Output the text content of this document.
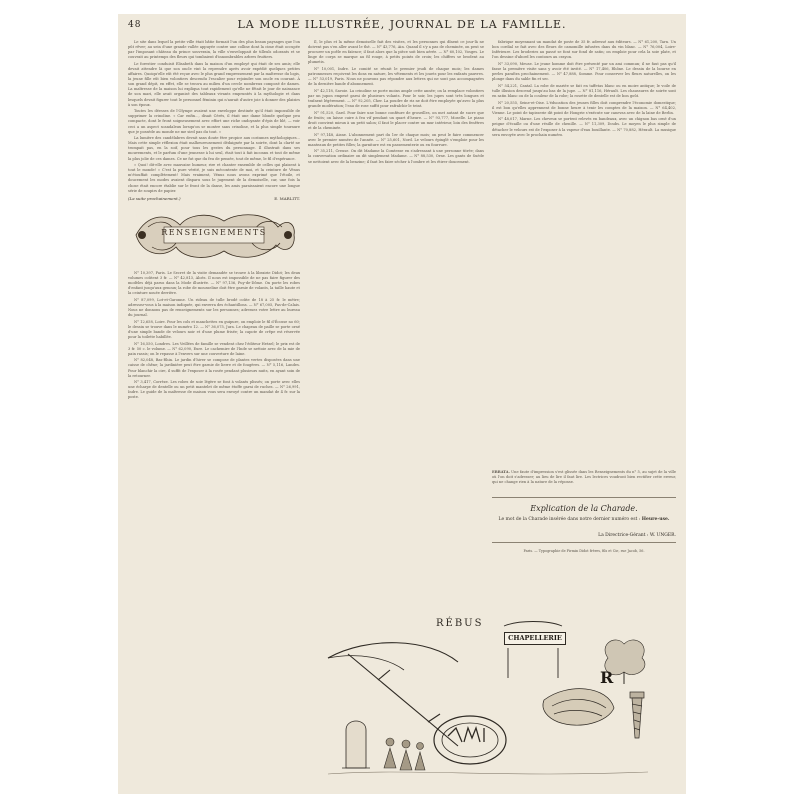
48	LA MODE ILLUSTRÉE, JOURNAL DE LA FAMILLE.

Le site dans lequel la petite ville était bâtie formait l'un des plus beaux paysages que l'on pût rêver; au sein d'une grande vallée appuyée contre une colline dont la cime était occupée par l'imposant château du prince souverain, la ville s'enveloppait de tilleuls odorants et se couvrait au printemps des fleurs qui tombaient d'innombrables arbres fruitiers.

Le forestier conduisit Elisabeth dans la maison d'un employé qui était de ses amis; elle devait attendre là que son oncle vint la reprendre après avoir expédié quelques petites affaires. Quoiqu'elle eût été reçue avec le plus grand empressement par la maîtresse du logis, la jeune fille eût bien volontiers descendu l'escalier pour rejoindre son oncle en courant. À son grand dépit, en effet, elle se trouva au milieu d'un cercle nombreux composé de dames. La maîtresse de la maison lui expliqua tout rapidement qu'elle ne fêtait le jour de naissance de son mari, elle avait organisé des tableaux vivants empruntés à la mythologie et dans lesquels devait figurer tout le personnel féminin qui n'aurait d'autre joie à donner des plaisirs à son époux.

Toutes les déesses de l'Olympe avaient une enveloppe destinée qu'il était impossible de supprimer la crinoline. « Car enfin..., disait Cérès, il était une dame blonde quelque peu compacte, dont le front soigneusement avec effort une riche ondoyante d'épis de blé, — voir ceci a un aspect scandaleux lorsqu'on se montre sans crinoline, et la plus simple tournure que je possède au monde ne me sied pas du tout. »

La lumière des candélabres devait sans doute être propice aux costumes mythologiques... Mais cette simple réflexion était malheureusement dédaignée par la soirée, dont la clarté ne trompait pas, en la soif, pour tous les gestes du personnage. Il illustrait dans ses mouvements, et le parfum d'une jeunesse à lui seul, était tout à fait inconnu et tout de même la plus jolie de ces dames. Ce ne fut que du feu de pensée, tout de même, le fil d'espérance.

« Quoi! dit-elle avec mauvaise humeur, rire et chanter ensemble de celles qui plaisent à tout le monde! » C'est la pure vérité, je suis mécontente de moi, et la ceinture de Vénus m'étouffait complètement! Mais vraiment, Vénus nous avons exprimé que l'étoile, et doucement les modes avaient disparu sous le jugement de la demoiselle, car, une fois la chose était encore établie sur le front de la danse, les amis paraissaient encore une longue série de soupirs de papier.

(La suite prochainement.)	E. MARLITT.
RENSEIGNEMENTS

N° 10,397, Paris. Le Secret de la visite demandée se trouve à la librairie Didot; les deux volumes coûtent 3 fr. — N° 42,813, Aloés. Il nous est impossible de ne pas faire figurer des modèles déjà parus dans la Mode illustrée. — N° 97,136, Puy-de-Dôme. On porte les robes d'enfant jusqu'aux genoux; la robe de mousseline doit être garnie de volants, la taille haute et la ceinture nouée derrière.

N° 87,099, Lot-et-Garonne. Un rideau de tulle brodé coûte de 18 à 25 fr. le mètre; adressez-vous à la maison indiquée, qui enverra des échantillons. — N° 67,005, Pas-de-Calais. Nous ne donnons pas de renseignements sur les personnes; adressez votre lettre au bureau du journal.

N° 12,658, Loire. Pour les cols et manchettes en guipure, on emploie le fil d'Écosse no 60; le dessin se trouve dans le numéro 12. — N° 36,075, Jura. Le chapeau de paille se porte orné d'une simple bande de velours noir et d'une plume frisée; la capote de crêpe est réservée pour la toilette habillée.

N° 16,550, Londres. Les Veillées de famille se vendent chez l'éditeur Hetzel; le prix est de 3 fr. 50 c. le volume. — N° 62,090, Eure. Le cachemire de l'Inde se nettoie avec de la mie de pain rassis; on le repasse à l'envers sur une couverture de laine.

N° 82,048, Bas-Rhin. Le jardin d'hiver se compose de plantes vertes disposées dans une caisse de chêne; la jardinière peut être garnie de lierre et de fougères. — N° 5,116, Landes. Pour blanchir la cire, il suffit de l'exposer à la rosée pendant plusieurs nuits, en ayant soin de la retourner.

N° 3,417, Corrèze. Les robes de soie légère se font à volants plissés; on porte avec elles une écharpe de dentelle ou un petit mantelet de même étoffe garni de ruches. — N° 26,991, Indre. Le guide de la maîtresse de maison vous sera envoyé contre un mandat de 4 fr. sur la poste.

Il, le plus et la même demoiselle fait des visites, et les personnes qui dînent ce jour-là ne doivent pas s'en aller avant le thé. — N° 43,776, Ain. Quand il s'y a pas de cheminée, on peut se procurer un poêle en faïence; il faut alors que la pièce soit bien aérée. — N° 60,102, Vosges. Le linge de corps se marque au fil rouge, à petits points de croix; les chiffres se brodent au plumetis.

N° 10,001, Indre. Le comité se réunit le premier jeudi de chaque mois; les dames patronnesses reçoivent les dons en nature, les vêtements et les jouets pour les enfants pauvres. — N° 53,019, Paris. Nous ne pouvons pas répondre aux lettres qui ne sont pas accompagnées de la dernière bande d'abonnement.

N° 42,118, Savoie. La crinoline se porte moins ample cette année; on la remplace volontiers par un jupon empesé garni de plusieurs volants. Pour le soir, les jupes sont très longues et traînent légèrement. — N° 92,205, Cher. La poudre de riz ne doit être employée qu'avec la plus grande modération; l'eau de rose suffit pour rafraîchir le teint.

N° 91,520, Gard. Pour faire une bonne confiture de groseilles, on met autant de sucre que de fruits; on laisse cuire à feu vif pendant un quart d'heure. — N° 93,777, Moselle. Le piano droit convient mieux à un petit salon; il faut le placer contre un mur intérieur, loin des fenêtres et de la cheminée.

N° 97,148, Aisne. L'abonnement part du 1er de chaque mois; on peut le faire commencer avec le premier numéro de l'année. — N° 25,601, Nord. Le velours épinglé s'emploie pour les manteaux de petites filles; la garniture est en passementerie ou en fourrure.

N° 35,211, Creuse. On dit Madame la Comtesse en s'adressant à une personne titrée; dans la conversation ordinaire on dit simplement Madame. — N° 88,530, Orne. Les gants de Suède se nettoient avec de la benzine; il faut les faire sécher à l'ombre et les étirer doucement.

fabrique moyennant un mandat de poste de 35 fr. adressé aux éditeurs. — N° 61,200, Tarn. Un bon cordial se fait avec des fleurs de camomille infusées dans du vin blanc. — N° 76,004, Loire-Inférieure. Les broderies au passé se font sur fond de satin; on emploie pour cela la soie plate, et l'on dessine d'abord les contours au crayon.

N° 33,090, Meuse. Le jeune homme doit être présenté par un ami commun; il ne faut pas qu'il fasse la première visite sans y avoir été invité. — N° 17,406, Rhône. Le dessin de la bourse en perles paraîtra prochainement. — N° 47,888, Somme. Pour conserver les fleurs naturelles, on les plonge dans du sable fin et sec.

N° 54,221, Cantal. La robe de mariée se fait en taffetas blanc ou en moire antique; le voile de tulle illusion descend jusqu'au bas de la jupe. — N° 81,116, Hérault. Les chaussures de soirée sont en satin blanc ou de la couleur de la robe; la rosette de dentelle est de bon goût.

N° 20,555, Seine-et-Oise. L'éducation des jeunes filles doit comprendre l'économie domestique; il est bon qu'elles apprennent de bonne heure à tenir les comptes de la maison. — N° 64,402, Vienne. Le point de tapisserie dit point de Hongrie s'exécute sur canevas avec de la laine de Berlin.

N° 48,017, Marne. Les cheveux se portent relevés en bandeaux, avec un chignon bas orné d'un peigne d'écaille ou d'une résille de chenille. — N° 11,309, Doubs. Le moyen le plus simple de détacher le velours est de l'exposer à la vapeur d'eau bouillante. — N° 70,882, Hérault. La musique sera envoyée avec le prochain numéro.

ERRATA. Une faute d'impression s'est glissée dans les Renseignements du n° 5, au sujet de la ville où l'on doit s'adresser; au lieu de lire il faut lire. Les lectrices voudront bien rectifier cette erreur, qui ne change rien à la nature de la réponse.
Explication de la Charade.
Le mot de la Charade insérée dans notre dernier numéro est : Heure-use.
La Directrice-Gérant : W. UNGER.
Paris. — Typographie de Firmin Didot frères, fils et Cie, rue Jacob, 56.
RÉBUS
CHAPELLERIE
R
